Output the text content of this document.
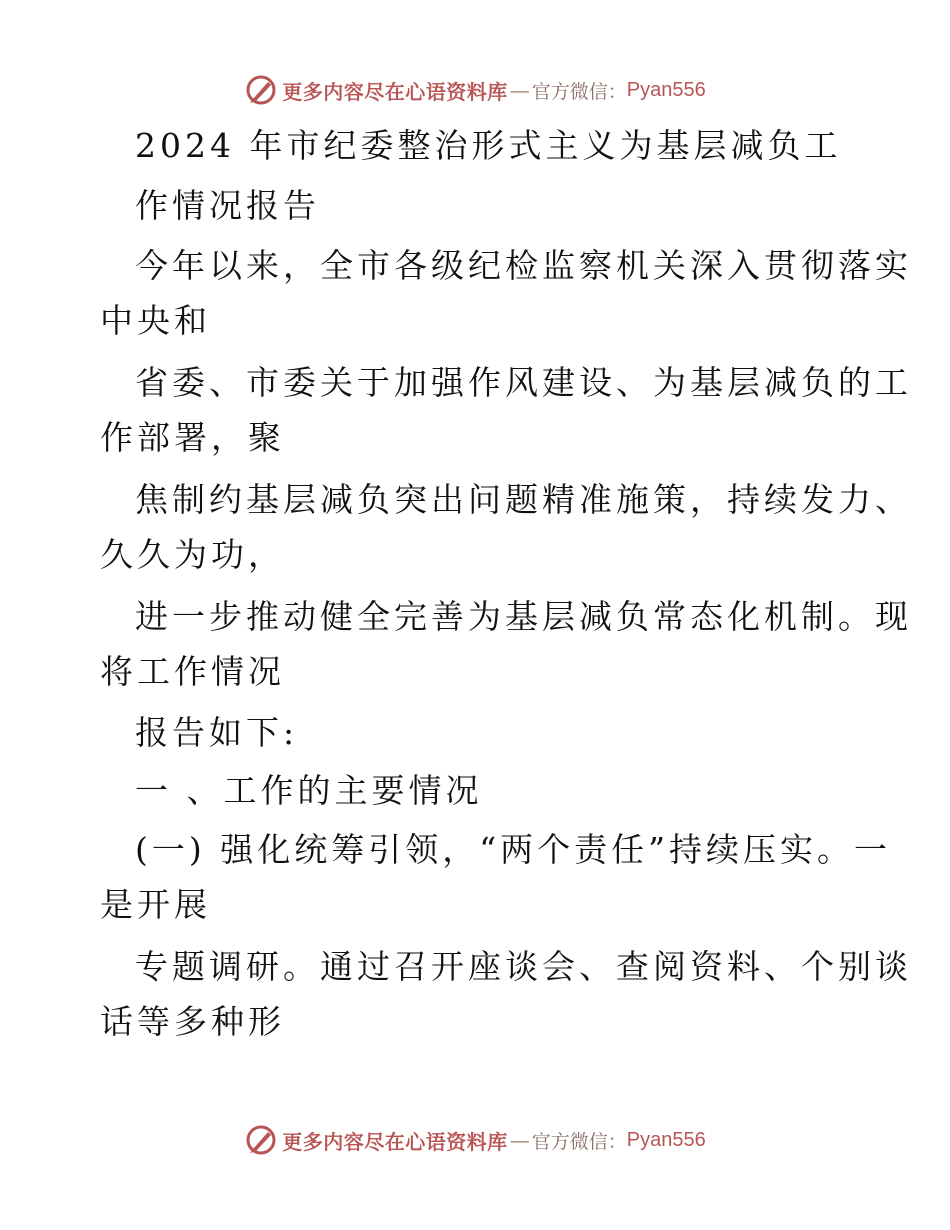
更多内容尽在心语资料库 — 官方微信： Pyan556
2024 年市纪委整治形式主义为基层减负工
作情况报告
今年以来，全市各级纪检监察机关深入贯彻落实
中央和
省委、市委关于加强作风建设、为基层减负的工
作部署，聚
焦制约基层减负突出问题精准施策，持续发力、
久久为功，
进一步推动健全完善为基层减负常态化机制。现
将工作情况
报告如下:
一 、工作的主要情况
(一) 强化统筹引领，“两个责任”持续压实。一
是开展
专题调研。通过召开座谈会、查阅资料、个别谈
话等多种形
更多内容尽在心语资料库 — 官方微信： Pyan556
